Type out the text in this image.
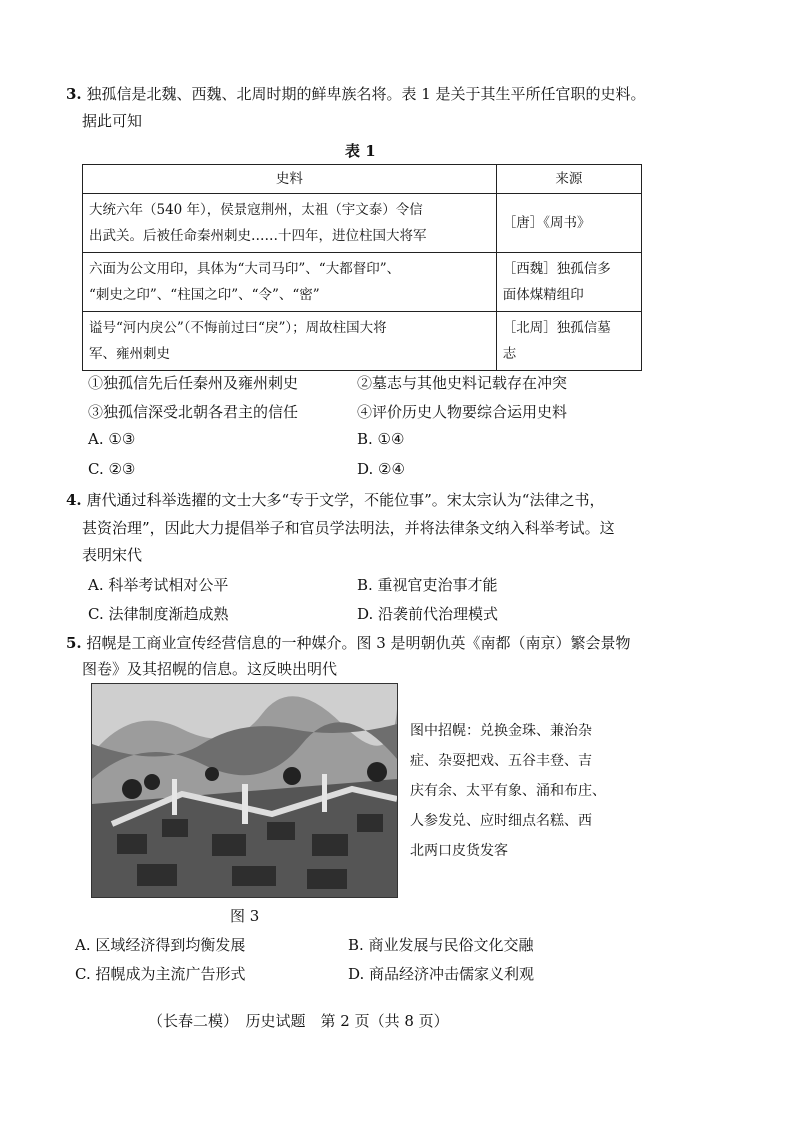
3. 独孤信是北魏、西魏、北周时期的鲜卑族名将。表 1 是关于其生平所任官职的史料。
据此可知
表 1
史料	来源

大统六年（540 年），侯景寇荆州，太祖（宇文泰）令信
出武关。后被任命秦州刺史……十四年，进位柱国大将军	［唐］《周书》

六面为公文用印，具体为“大司马印”、“大都督印”、
“刺史之印”、“柱国之印”、“令”、“密”	［西魏］独孤信多
面体煤精组印

谥号“河内戾公”（不悔前过曰“戾”）；周故柱国大将
军、雍州刺史	［北周］独孤信墓
志
①独孤信先后任秦州及雍州刺史	②墓志与其他史料记载存在冲突
③独孤信深受北朝各君主的信任	④评价历史人物要综合运用史料
A. ①③	B. ①④
C. ②③	D. ②④
4. 唐代通过科举选擢的文士大多“专于文学，不能位事”。宋太宗认为“法律之书，
甚资治理”，因此大力提倡举子和官员学法明法，并将法律条文纳入科举考试。这
表明宋代
A. 科举考试相对公平	B. 重视官吏治事才能
C. 法律制度渐趋成熟	D. 沿袭前代治理模式
5. 招幌是工商业宣传经营信息的一种媒介。图 3 是明朝仇英《南都（南京）繁会景物
图卷》及其招幌的信息。这反映出明代
图中招幌：兑换金珠、兼治杂
症、杂耍把戏、五谷丰登、吉
庆有余、太平有象、涌和布庄、
人参发兑、应时细点名糕、西
北两口皮货发客
图 3
A. 区域经济得到均衡发展	B. 商业发展与民俗文化交融
C. 招幌成为主流广告形式	D. 商品经济冲击儒家义利观
（长春二模）　历史试题　第 2 页（共 8 页）
